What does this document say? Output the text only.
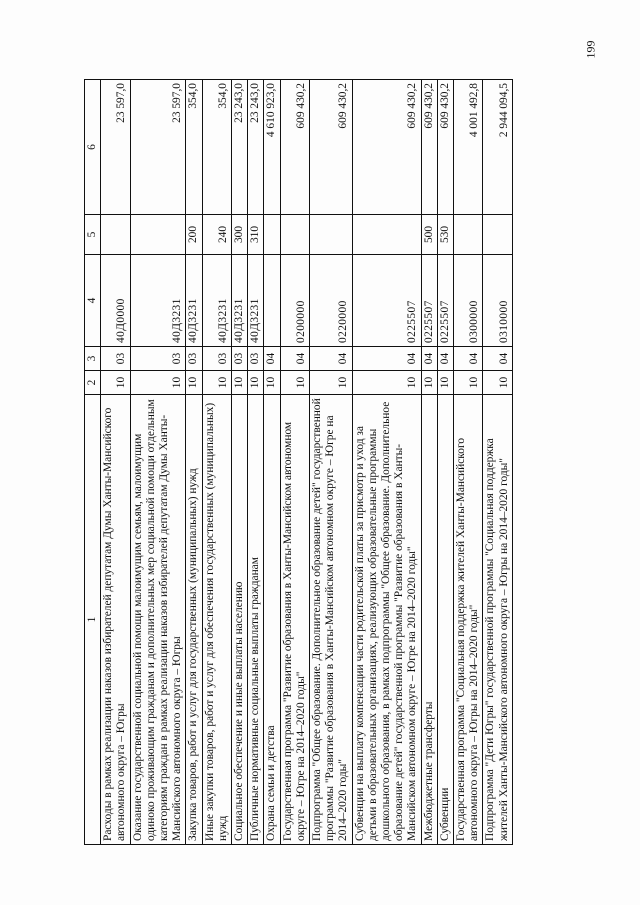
199
1	2	3	4	5	6
Расходы в рамках реализации наказов избирателей депутатам Думы Ханты-Мансийского автономного округа – Югры	10	03	40Д0000		23 597,0
Оказание государственной социальной помощи малоимущим семьям, малоимущим одиноко проживающим гражданам и дополнительных мер социальной помощи отдельным категориям граждан в рамках реализации наказов избирателей депутатам Думы Ханты-Мансийского автономного округа – Югры	10	03	40Д3231		23 597,0
Закупка товаров, работ и услуг для государственных (муниципальных) нужд	10	03	40Д3231	200	354,0
Иные закупки товаров, работ и услуг для обеспечения государственных (муниципальных) нужд	10	03	40Д3231	240	354,0
Социальное обеспечение и иные выплаты населению	10	03	40Д3231	300	23 243,0
Публичные нормативные социальные выплаты гражданам	10	03	40Д3231	310	23 243,0
Охрана семьи и детства	10	04			4 610 923,0
Государственная программа "Развитие образования в Ханты-Мансийском автономном округе – Югре на 2014–2020 годы"	10	04	0200000		609 430,2
Подпрограмма "Общее образование. Дополнительное образование детей" государственной программы "Развитие образования в Ханты-Мансийском автономном округе – Югре на 2014–2020 годы"	10	04	0220000		609 430,2
Субвенции на выплату компенсации части родительской платы за присмотр и уход за детьми в образовательных организациях, реализующих образовательные программы дошкольного образования, в рамках подпрограммы "Общее образование. Дополнительное образование детей" государственной программы "Развитие образования в Ханты-Мансийском автономном округе – Югре на 2014–2020 годы"	10	04	0225507		609 430,2
Межбюджетные трансферты	10	04	0225507	500	609 430,2
Субвенции	10	04	0225507	530	609 430,2
Государственная программа "Социальная поддержка жителей Ханты-Мансийского автономного округа – Югры на 2014–2020 годы"	10	04	0300000		4 001 492,8
Подпрограмма "Дети Югры" государственной программы "Социальная поддержка жителей Ханты-Мансийского автономного округа – Югры на 2014–2020 годы"	10	04	0310000		2 944 094,5
